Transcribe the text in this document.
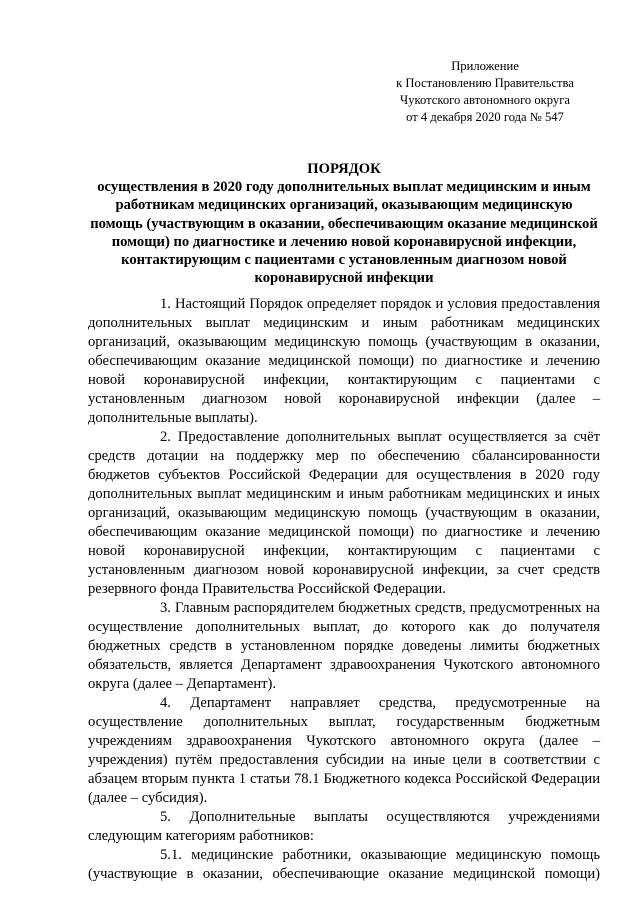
Приложение
к Постановлению Правительства
Чукотского автономного округа
от 4 декабря 2020 года № 547
ПОРЯДОК
осуществления в 2020 году дополнительных выплат медицинским и иным работникам медицинских организаций, оказывающим медицинскую помощь (участвующим в оказании, обеспечивающим оказание медицинской помощи) по диагностике и лечению новой коронавирусной инфекции, контактирующим с пациентами с установленным диагнозом новой коронавирусной инфекции

1. Настоящий Порядок определяет порядок и условия предоставления дополнительных выплат медицинским и иным работникам медицинских организаций, оказывающим медицинскую помощь (участвующим в оказании, обеспечивающим оказание медицинской помощи) по диагностике и лечению новой коронавирусной инфекции, контактирующим с пациентами с установленным диагнозом новой коронавирусной инфекции (далее – дополнительные выплаты).

2. Предоставление дополнительных выплат осуществляется за счёт средств дотации на поддержку мер по обеспечению сбалансированности бюджетов субъектов Российской Федерации для осуществления в 2020 году дополнительных выплат медицинским и иным работникам медицинских и иных организаций, оказывающим медицинскую помощь (участвующим в оказании, обеспечивающим оказание медицинской помощи) по диагностике и лечению новой коронавирусной инфекции, контактирующим с пациентами с установленным диагнозом новой коронавирусной инфекции, за счет средств резервного фонда Правительства Российской Федерации.

3. Главным распорядителем бюджетных средств, предусмотренных на осуществление дополнительных выплат, до которого как до получателя бюджетных средств в установленном порядке доведены лимиты бюджетных обязательств, является Департамент здравоохранения Чукотского автономного округа (далее – Департамент).

4. Департамент направляет средства, предусмотренные на осуществление дополнительных выплат, государственным бюджетным учреждениям здравоохранения Чукотского автономного округа (далее – учреждения) путём предоставления субсидии на иные цели в соответствии с абзацем вторым пункта 1 статьи 78.1 Бюджетного кодекса Российской Федерации (далее – субсидия).

5. Дополнительные выплаты осуществляются учреждениями следующим категориям работников:

5.1. медицинские работники, оказывающие медицинскую помощь (участвующие в оказании, обеспечивающие оказание медицинской помощи)
